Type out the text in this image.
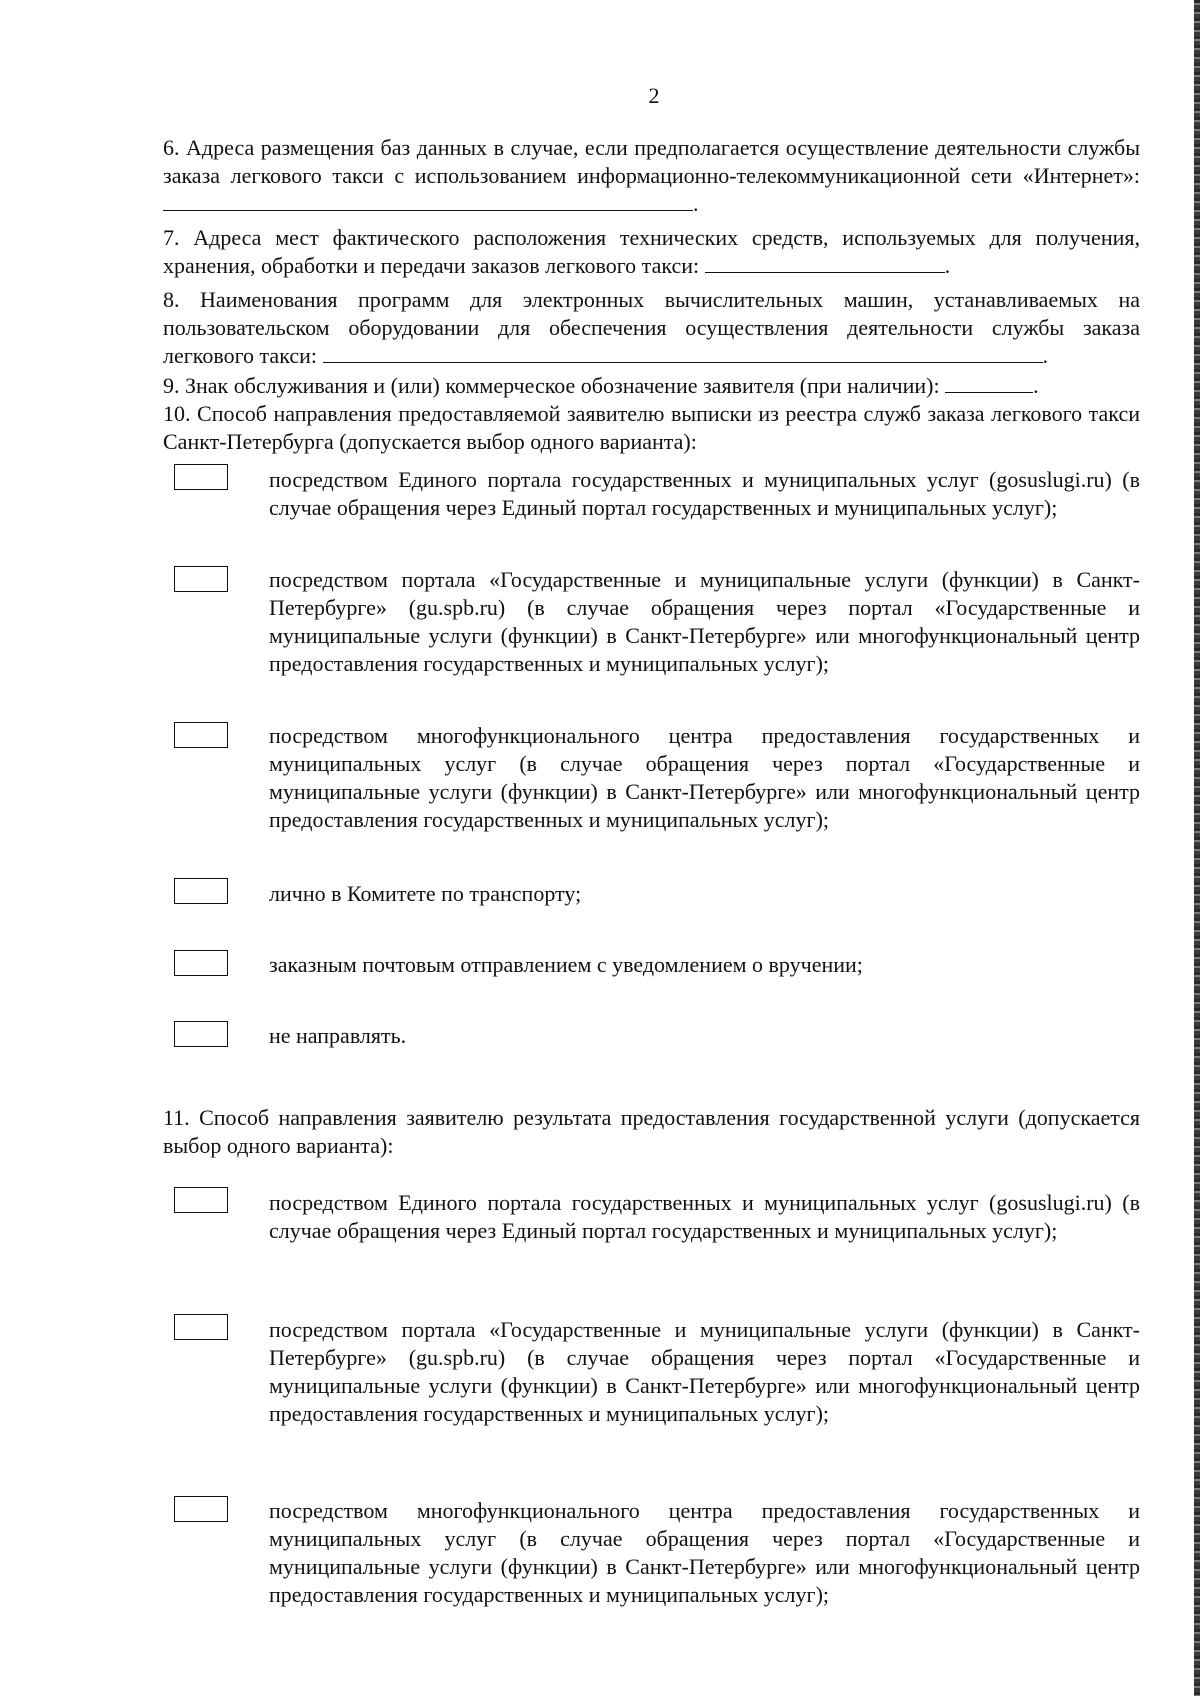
2
6. Адреса размещения баз данных в случае, если предполагается осуществление деятельности службы заказа легкового такси с использованием информационно-телекоммуникационной сети «Интернет»: .
7. Адреса мест фактического расположения технических средств, используемых для получения, хранения, обработки и передачи заказов легкового такси:	.
8. Наименования программ для электронных вычислительных машин, устанавливаемых на пользовательском оборудовании для обеспечения осуществления деятельности службы заказа легкового такси:	.
9. Знак обслуживания и (или) коммерческое обозначение заявителя (при наличии):	.
10. Способ направления предоставляемой заявителю выписки из реестра служб заказа легкового такси Санкт-Петербурга (допускается выбор одного варианта):
посредством Единого портала государственных и муниципальных услуг (gosuslugi.ru) (в случае обращения через Единый портал государственных и муниципальных услуг);
посредством портала «Государственные и муниципальные услуги (функции) в Санкт-Петербурге» (gu.spb.ru) (в случае обращения через портал «Государственные и муниципальные услуги (функции) в Санкт-Петербурге» или многофункциональный центр предоставления государственных и муниципальных услуг);
посредством многофункционального центра предоставления государственных и муниципальных услуг (в случае обращения через портал «Государственные и муниципальные услуги (функции) в Санкт-Петербурге» или многофункциональный центр предоставления государственных и муниципальных услуг);
лично в Комитете по транспорту;
заказным почтовым отправлением с уведомлением о вручении;
не направлять.
11. Способ направления заявителю результата предоставления государственной услуги (допускается выбор одного варианта):
посредством Единого портала государственных и муниципальных услуг (gosuslugi.ru) (в случае обращения через Единый портал государственных и муниципальных услуг);
посредством портала «Государственные и муниципальные услуги (функции) в Санкт-Петербурге» (gu.spb.ru) (в случае обращения через портал «Государственные и муниципальные услуги (функции) в Санкт-Петербурге» или многофункциональный центр предоставления государственных и муниципальных услуг);
посредством многофункционального центра предоставления государственных и муниципальных услуг (в случае обращения через портал «Государственные и муниципальные услуги (функции) в Санкт-Петербурге» или многофункциональный центр предоставления государственных и муниципальных услуг);
